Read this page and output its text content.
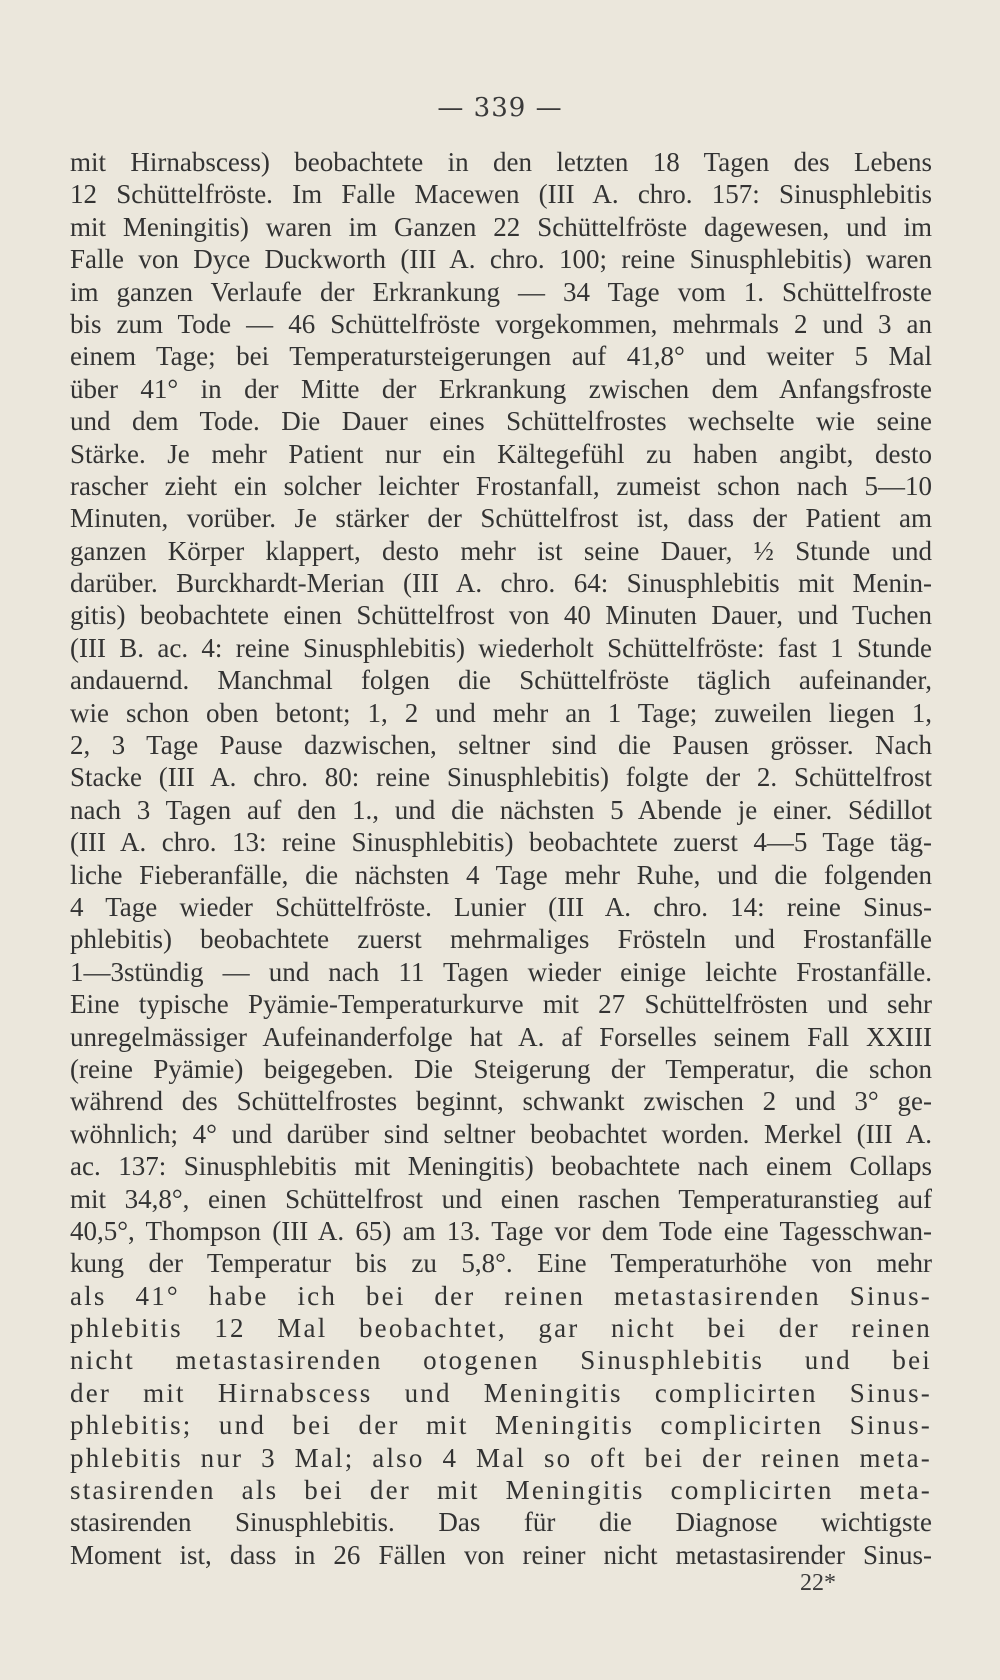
— 339 —
mit Hirnabscess) beobachtete in den letzten 18 Tagen des Lebens
12 Schüttelfröste. Im Falle Macewen (III A. chro. 157: Sinusphlebitis
mit Meningitis) waren im Ganzen 22 Schüttelfröste dagewesen, und im
Falle von Dyce Duckworth (III A. chro. 100; reine Sinusphlebitis) waren
im ganzen Verlaufe der Erkrankung — 34 Tage vom 1. Schüttelfroste
bis zum Tode — 46 Schüttelfröste vorgekommen, mehrmals 2 und 3 an
einem Tage; bei Temperatursteigerungen auf 41,8° und weiter 5 Mal
über 41° in der Mitte der Erkrankung zwischen dem Anfangsfroste
und dem Tode. Die Dauer eines Schüttelfrostes wechselte wie seine
Stärke. Je mehr Patient nur ein Kältegefühl zu haben angibt, desto
rascher zieht ein solcher leichter Frostanfall, zumeist schon nach 5—10
Minuten, vorüber. Je stärker der Schüttelfrost ist, dass der Patient am
ganzen Körper klappert, desto mehr ist seine Dauer, ½ Stunde und
darüber. Burckhardt-Merian (III A. chro. 64: Sinusphlebitis mit Menin-
gitis) beobachtete einen Schüttelfrost von 40 Minuten Dauer, und Tuchen
(III B. ac. 4: reine Sinusphlebitis) wiederholt Schüttelfröste: fast 1 Stunde
andauernd. Manchmal folgen die Schüttelfröste täglich aufeinander,
wie schon oben betont; 1, 2 und mehr an 1 Tage; zuweilen liegen 1,
2, 3 Tage Pause dazwischen, seltner sind die Pausen grösser. Nach
Stacke (III A. chro. 80: reine Sinusphlebitis) folgte der 2. Schüttelfrost
nach 3 Tagen auf den 1., und die nächsten 5 Abende je einer. Sédillot
(III A. chro. 13: reine Sinusphlebitis) beobachtete zuerst 4—5 Tage täg-
liche Fieberanfälle, die nächsten 4 Tage mehr Ruhe, und die folgenden
4 Tage wieder Schüttelfröste. Lunier (III A. chro. 14: reine Sinus-
phlebitis) beobachtete zuerst mehrmaliges Frösteln und Frostanfälle
1—3stündig — und nach 11 Tagen wieder einige leichte Frostanfälle.
Eine typische Pyämie-Temperaturkurve mit 27 Schüttelfrösten und sehr
unregelmässiger Aufeinanderfolge hat A. af Forselles seinem Fall XXIII
(reine Pyämie) beigegeben. Die Steigerung der Temperatur, die schon
während des Schüttelfrostes beginnt, schwankt zwischen 2 und 3° ge-
wöhnlich; 4° und darüber sind seltner beobachtet worden. Merkel (III A.
ac. 137: Sinusphlebitis mit Meningitis) beobachtete nach einem Collaps
mit 34,8°, einen Schüttelfrost und einen raschen Temperaturanstieg auf
40,5°, Thompson (III A. 65) am 13. Tage vor dem Tode eine Tagesschwan-
kung der Temperatur bis zu 5,8°. Eine Temperaturhöhe von mehr
als 41° habe ich bei der reinen metastasirenden Sinus-
phlebitis 12 Mal beobachtet, gar nicht bei der reinen
nicht metastasirenden otogenen Sinusphlebitis und bei
der mit Hirnabscess und Meningitis complicirten Sinus-
phlebitis; und bei der mit Meningitis complicirten Sinus-
phlebitis nur 3 Mal; also 4 Mal so oft bei der reinen meta-
stasirenden als bei der mit Meningitis complicirten meta-
stasirenden Sinusphlebitis. Das für die Diagnose wichtigste
Moment ist, dass in 26 Fällen von reiner nicht metastasirender Sinus-
22*
